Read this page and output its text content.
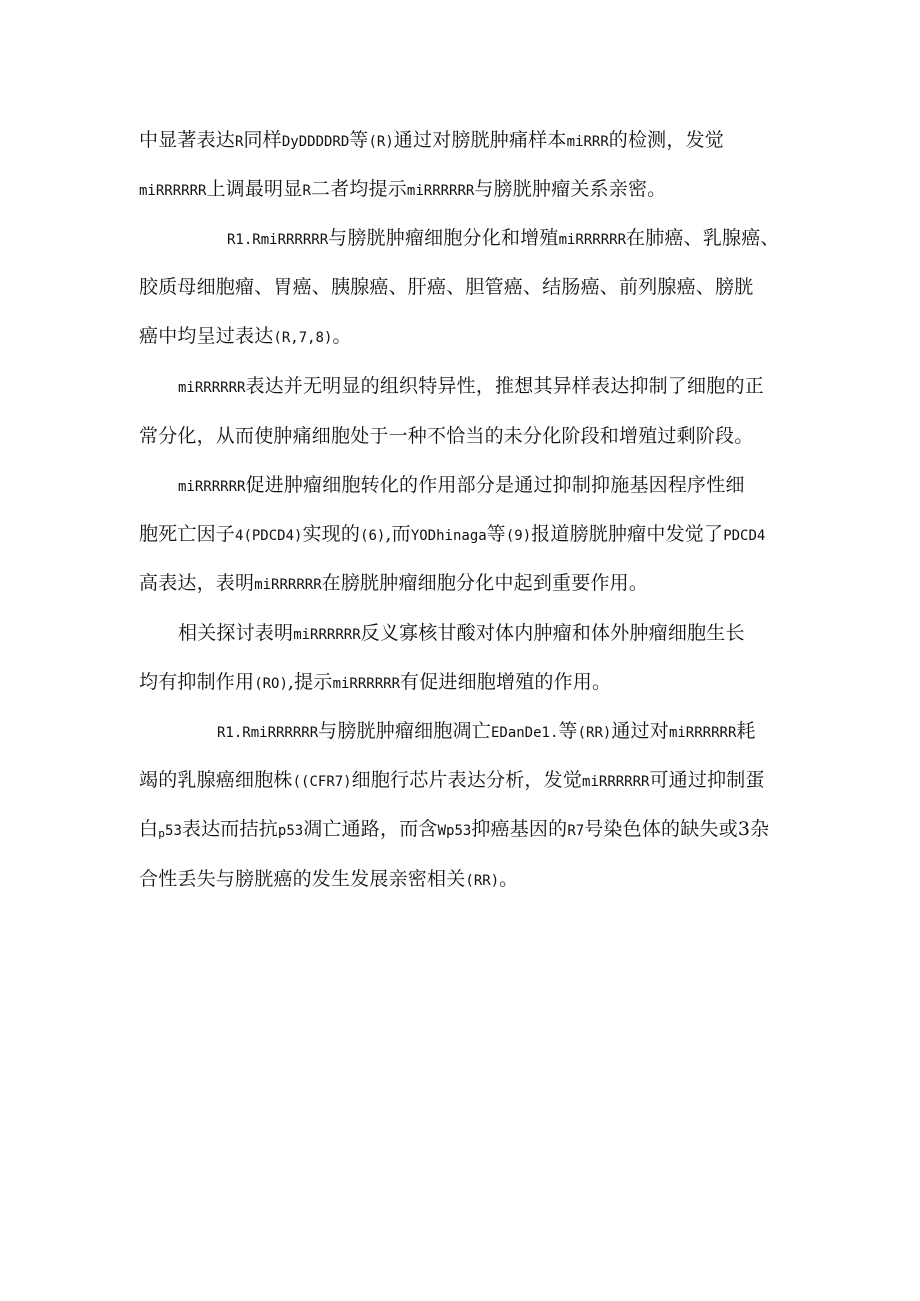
中显著表达R同样DyDDDDRD等(R)通过对膀胱肿痛样本miRRR的检测，发觉
miRRRRRR上调最明显R二者均提示miRRRRRR与膀胱肿瘤关系亲密。
R1.RmiRRRRRR与膀胱肿瘤细胞分化和增殖miRRRRRR在肺癌、乳腺癌、
胶质母细胞瘤、胃癌、胰腺癌、肝癌、胆管癌、结肠癌、前列腺癌、膀胱
癌中均呈过表达(R,7,8)。
miRRRRRR表达并无明显的组织特异性，推想其异样表达抑制了细胞的正
常分化，从而使肿痛细胞处于一种不恰当的未分化阶段和增殖过剩阶段。
miRRRRRR促进肿瘤细胞转化的作用部分是通过抑制抑施基因程序性细
胞死亡因子4(PDCD4)实现的(6),而YODhinaga等(9)报道膀胱肿瘤中发觉了PDCD4
高表达，表明miRRRRRR在膀胱肿瘤细胞分化中起到重要作用。
相关探讨表明miRRRRRR反义寡核甘酸对体内肿瘤和体外肿瘤细胞生长
均有抑制作用(RO),提示miRRRRRR有促进细胞增殖的作用。
R1.RmiRRRRRR与膀胱肿瘤细胞凋亡EDanDe1.等(RR)通过对miRRRRRR耗
竭的乳腺癌细胞株((CFR7)细胞行芯片表达分析，发觉miRRRRRR可通过抑制蛋
白p53表达而拮抗p53凋亡通路，而含Wp53抑癌基因的R7号染色体的缺失或3杂
合性丢失与膀胱癌的发生发展亲密相关(RR)。
